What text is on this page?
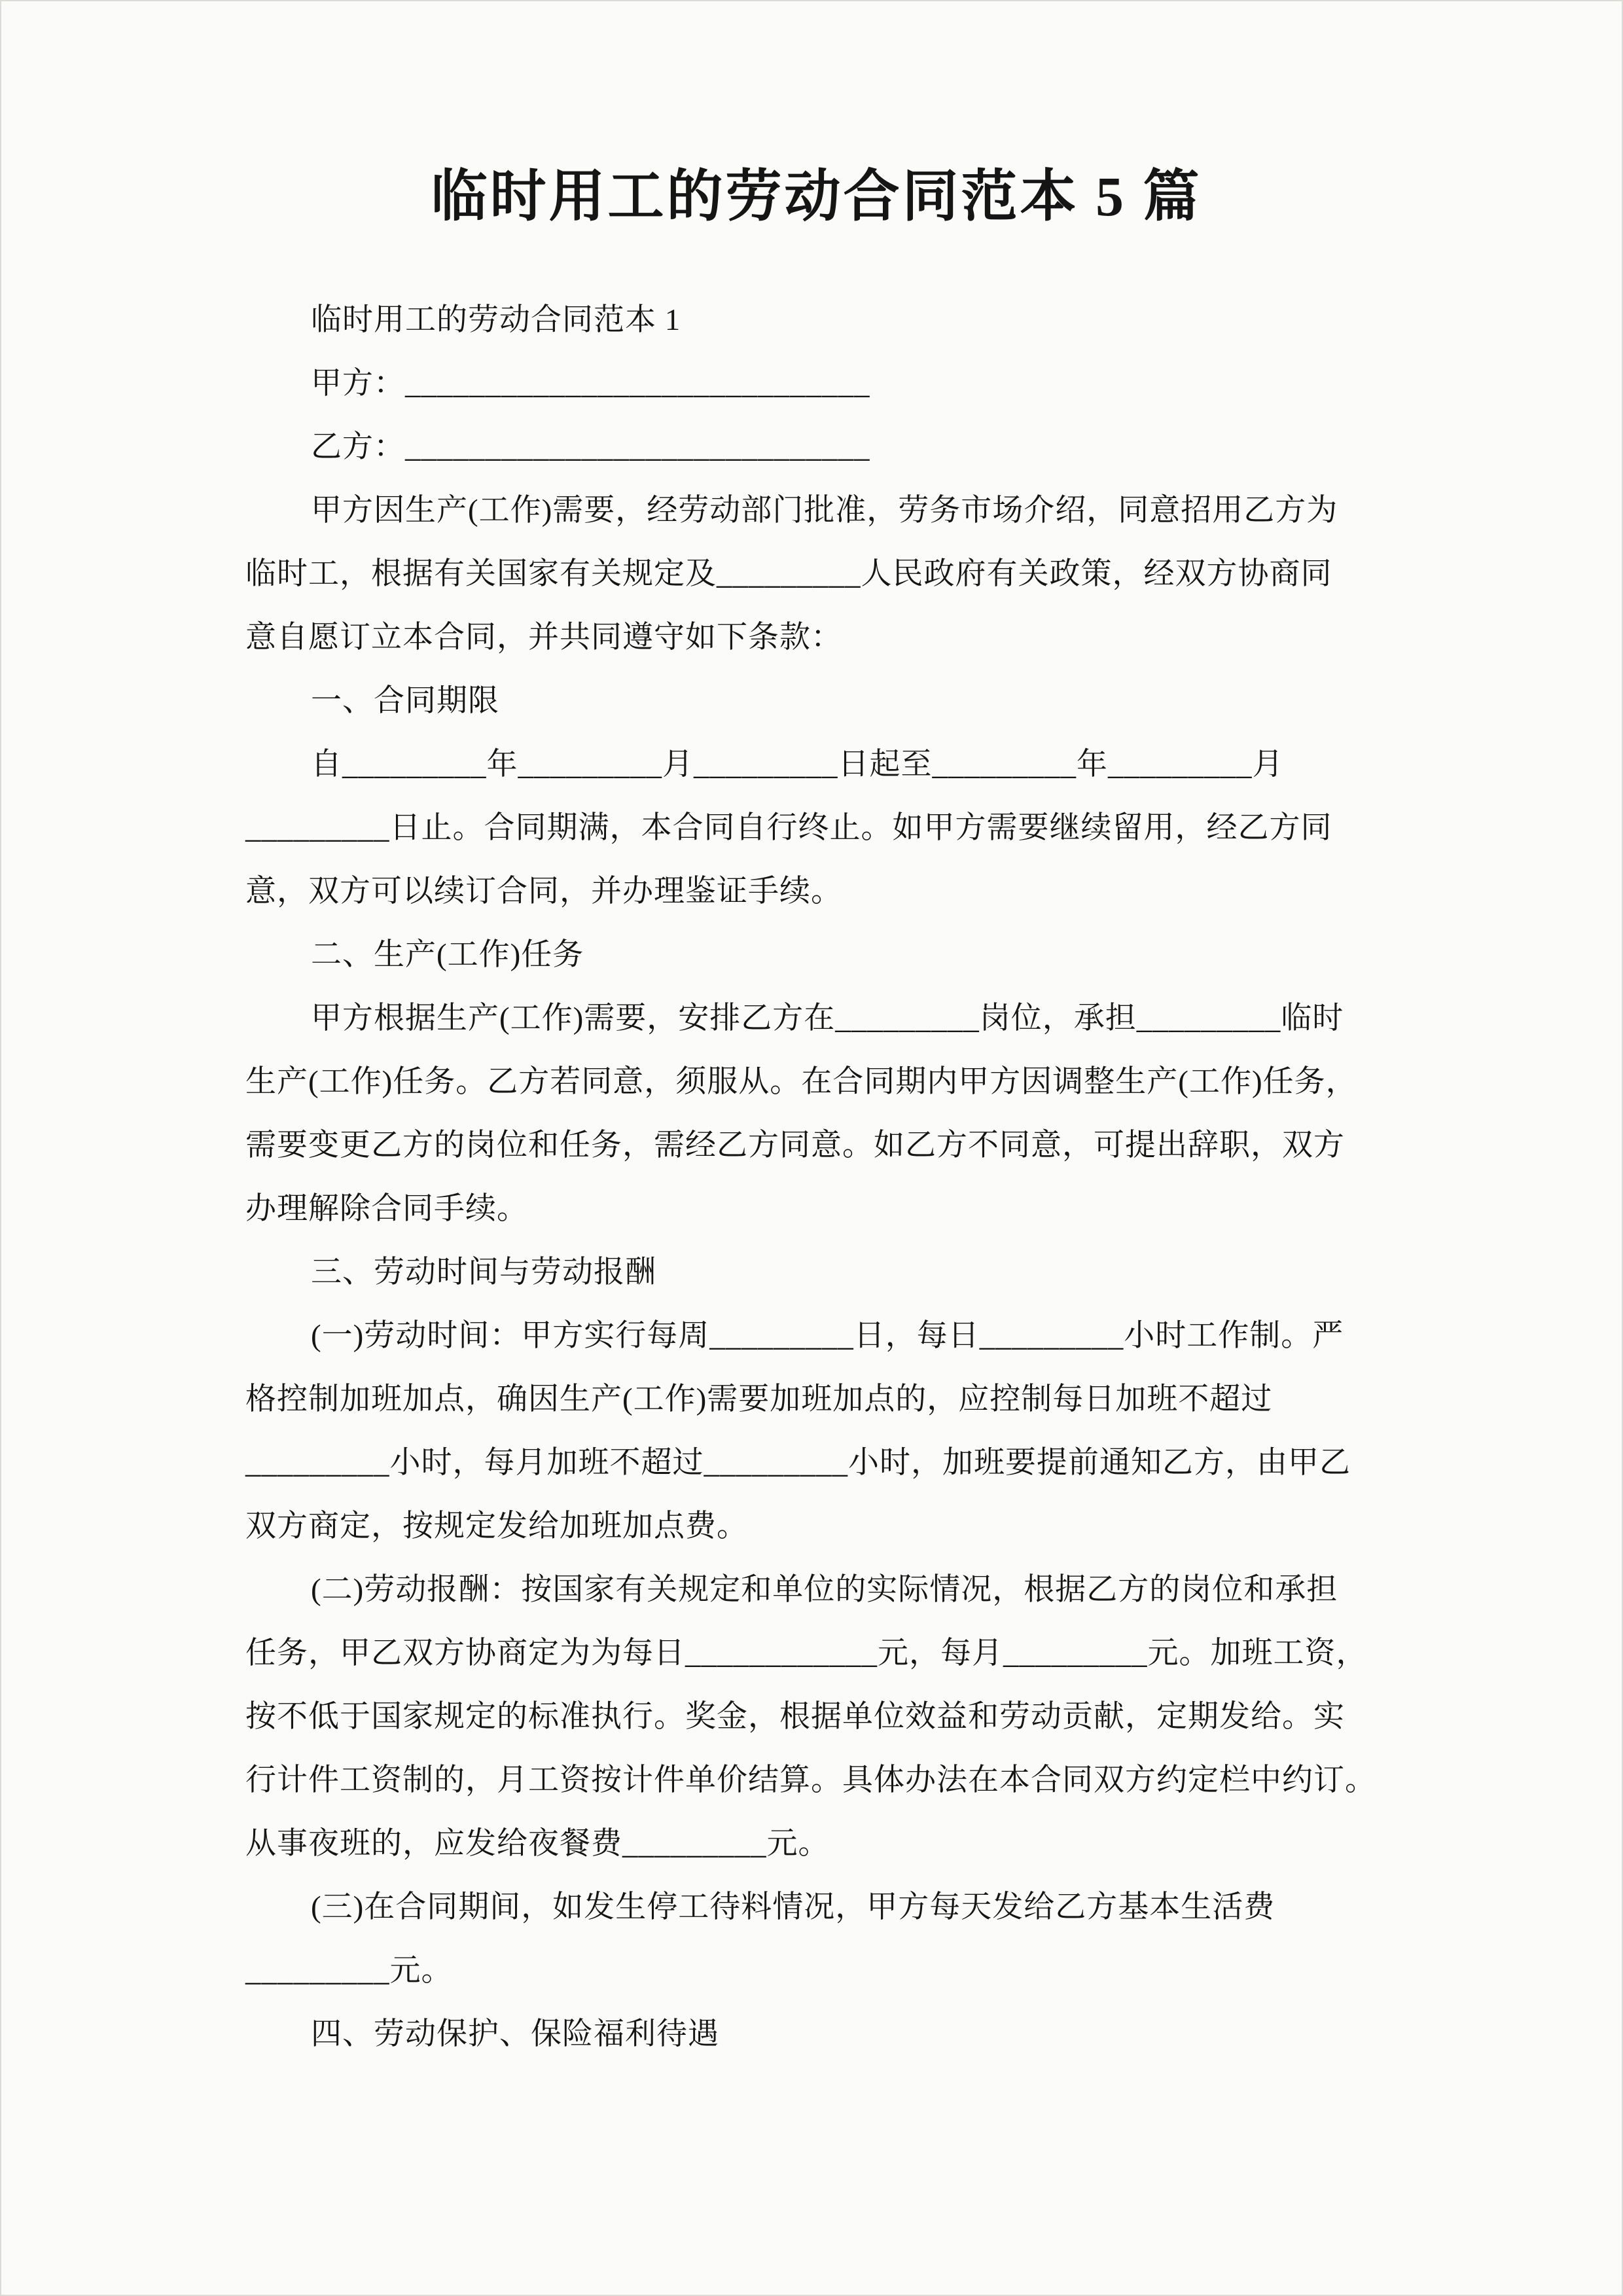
临时用工的劳动合同范本 5 篇

临时用工的劳动合同范本 1

甲方：_____________________________

乙方：_____________________________

甲方因生产(工作)需要，经劳动部门批准，劳务市场介绍，同意招用乙方为

临时工，根据有关国家有关规定及_________人民政府有关政策，经双方协商同

意自愿订立本合同，并共同遵守如下条款：

一、合同期限

自_________年_________月_________日起至_________年_________月

_________日止。合同期满，本合同自行终止。如甲方需要继续留用，经乙方同

意，双方可以续订合同，并办理鉴证手续。

二、生产(工作)任务

甲方根据生产(工作)需要，安排乙方在_________岗位，承担_________临时

生产(工作)任务。乙方若同意，须服从。在合同期内甲方因调整生产(工作)任务，

需要变更乙方的岗位和任务，需经乙方同意。如乙方不同意，可提出辞职，双方

办理解除合同手续。

三、劳动时间与劳动报酬

(一)劳动时间：甲方实行每周_________日，每日_________小时工作制。严

格控制加班加点，确因生产(工作)需要加班加点的，应控制每日加班不超过

_________小时，每月加班不超过_________小时，加班要提前通知乙方，由甲乙

双方商定，按规定发给加班加点费。

(二)劳动报酬：按国家有关规定和单位的实际情况，根据乙方的岗位和承担

任务，甲乙双方协商定为为每日____________元，每月_________元。加班工资，

按不低于国家规定的标准执行。奖金，根据单位效益和劳动贡献，定期发给。实

行计件工资制的，月工资按计件单价结算。具体办法在本合同双方约定栏中约订。

从事夜班的，应发给夜餐费_________元。

(三)在合同期间，如发生停工待料情况，甲方每天发给乙方基本生活费

_________元。

四、劳动保护、保险福利待遇
